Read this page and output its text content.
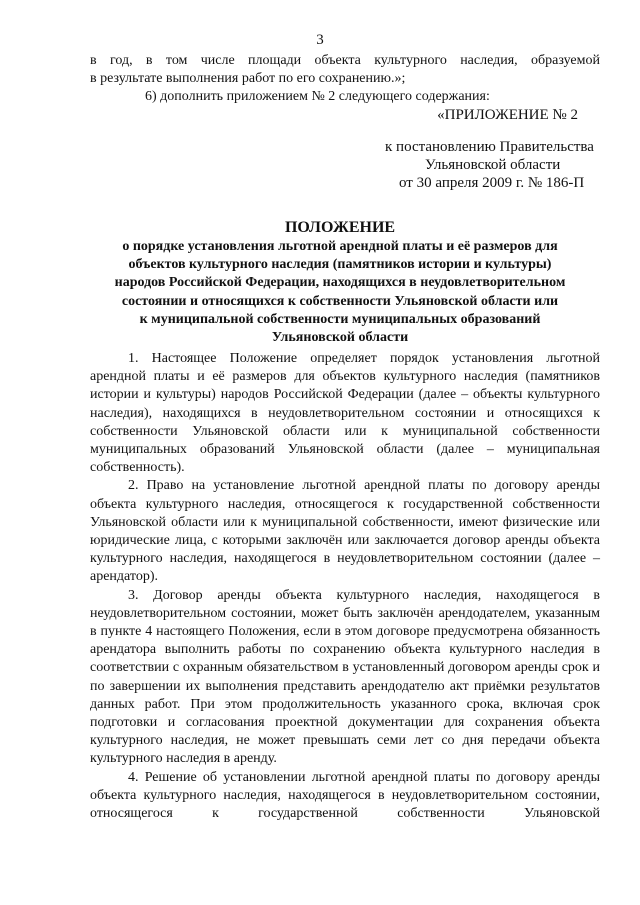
3

в год, в том числе площади объекта культурного наследия, образуемой

в результате выполнения работ по его сохранению.»;

6) дополнить приложением № 2 следующего содержания:

«ПРИЛОЖЕНИЕ № 2
к постановлению Правительства
Ульяновской области
от 30 апреля 2009 г. № 186-П

ПОЛОЖЕНИЕ

о порядке установления льготной арендной платы и её размеров для
объектов культурного наследия (памятников истории и культуры)
народов Российской Федерации, находящихся в неудовлетворительном
состоянии и относящихся к собственности Ульяновской области или
к муниципальной собственности муниципальных образований
Ульяновской области

1. Настоящее Положение определяет порядок установления льготной арендной платы и её размеров для объектов культурного наследия (памятников истории и культуры) народов Российской Федерации (далее – объекты культурного наследия), находящихся в неудовлетворительном состоянии и относящихся к собственности Ульяновской области или к муниципальной собственности муниципальных образований Ульяновской области (далее – муниципальная собственность).

2. Право на установление льготной арендной платы по договору аренды объекта культурного наследия, относящегося к государственной собственности Ульяновской области или к муниципальной собственности, имеют физические или юридические лица, с которыми заключён или заключается договор аренды объекта культурного наследия, находящегося в неудовлетворительном состоянии (далее – арендатор).

3. Договор аренды объекта культурного наследия, находящегося в неудовлетворительном состоянии, может быть заключён арендодателем, указанным в пункте 4 настоящего Положения, если в этом договоре предусмотрена обязанность арендатора выполнить работы по сохранению объекта культурного наследия в соответствии с охранным обязательством в установленный договором аренды срок и по завершении их выполнения представить арендодателю акт приёмки результатов данных работ. При этом продолжительность указанного срока, включая срок подготовки и согласования проектной документации для сохранения объекта культурного наследия, не может превышать семи лет со дня передачи объекта культурного наследия в аренду.

4. Решение об установлении льготной арендной платы по договору аренды объекта культурного наследия, находящегося в неудовлетворительном состоянии, относящегося к государственной собственности Ульяновской
